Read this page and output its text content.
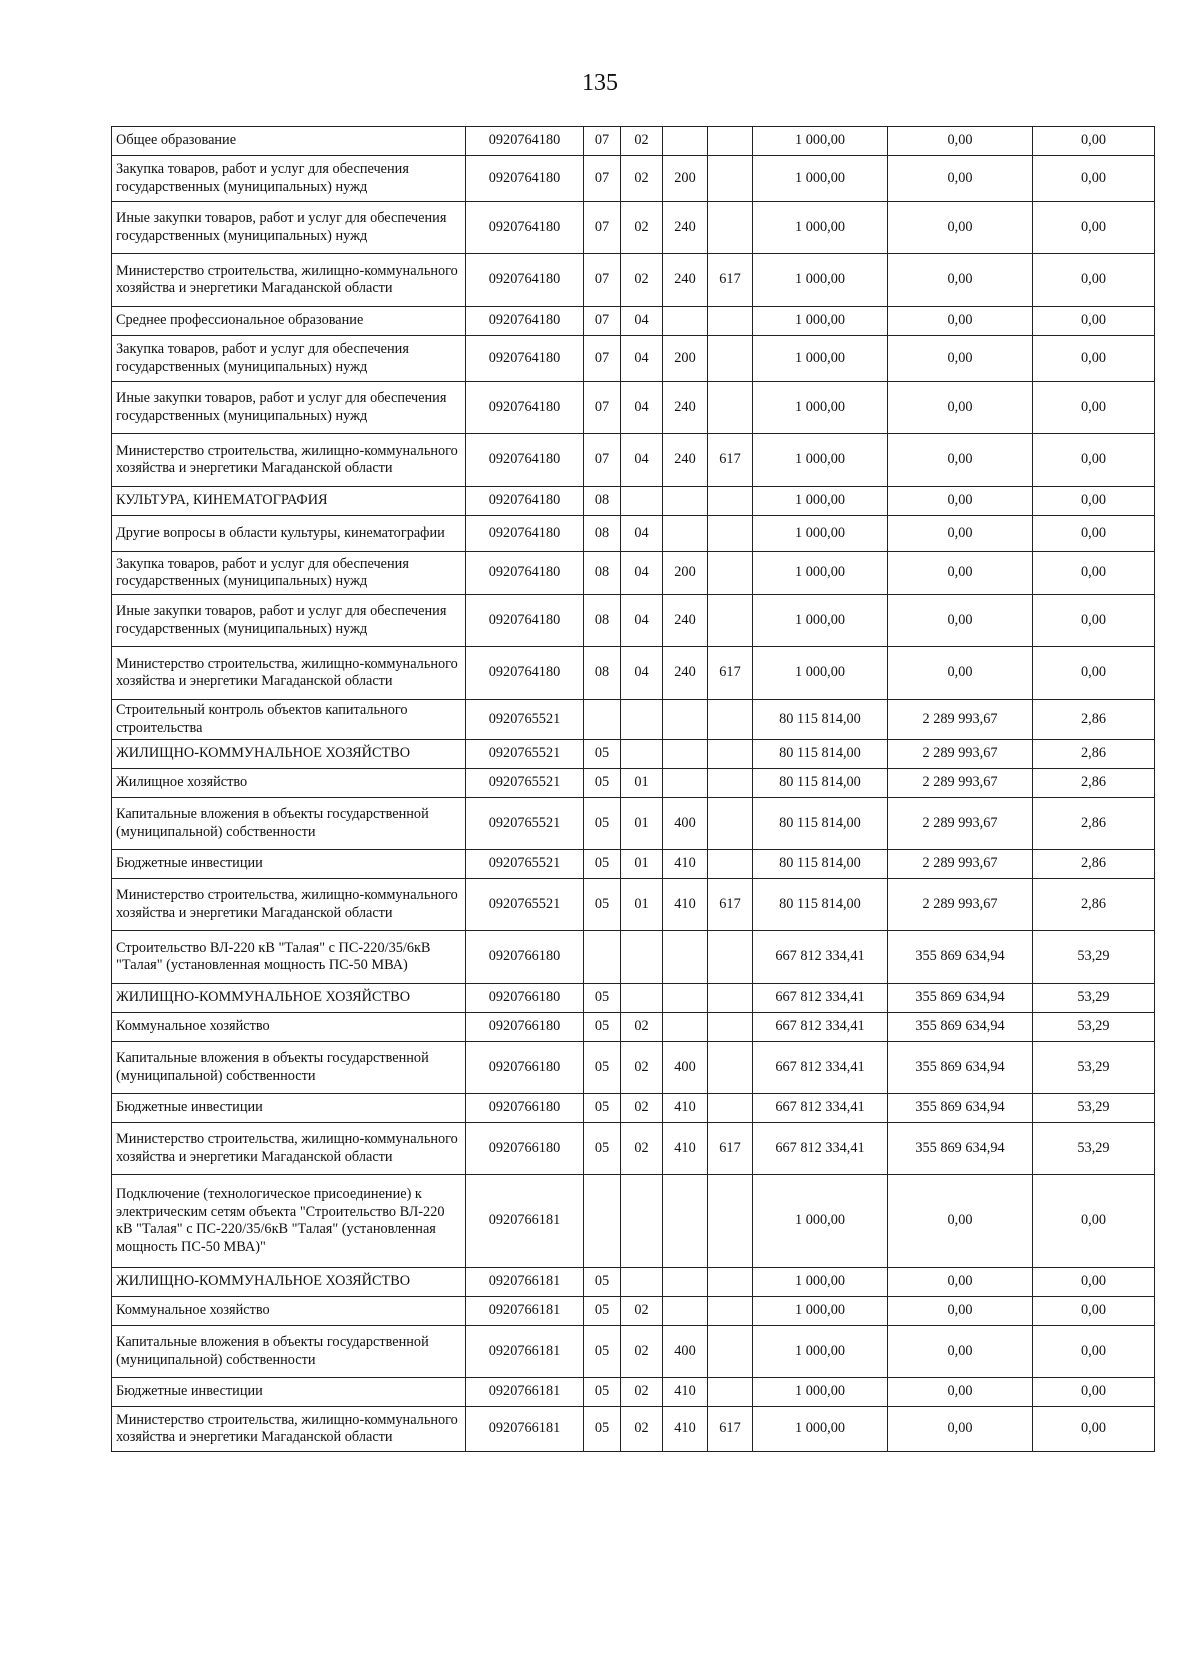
135
Общее образование	0920764180	07	02			1 000,00	0,00	0,00
Закупка товаров, работ и услуг для обеспечения государственных (муниципальных) нужд	0920764180	07	02	200		1 000,00	0,00	0,00
Иные закупки товаров, работ и услуг для обеспечения государственных (муниципальных) нужд	0920764180	07	02	240		1 000,00	0,00	0,00
Министерство строительства, жилищно-коммунального хозяйства и энергетики Магаданской области	0920764180	07	02	240	617	1 000,00	0,00	0,00
Среднее профессиональное образование	0920764180	07	04			1 000,00	0,00	0,00
Закупка товаров, работ и услуг для обеспечения государственных (муниципальных) нужд	0920764180	07	04	200		1 000,00	0,00	0,00
Иные закупки товаров, работ и услуг для обеспечения государственных (муниципальных) нужд	0920764180	07	04	240		1 000,00	0,00	0,00
Министерство строительства, жилищно-коммунального хозяйства и энергетики Магаданской области	0920764180	07	04	240	617	1 000,00	0,00	0,00
КУЛЬТУРА, КИНЕМАТОГРАФИЯ	0920764180	08				1 000,00	0,00	0,00
Другие вопросы в области культуры, кинематографии	0920764180	08	04			1 000,00	0,00	0,00
Закупка товаров, работ и услуг для обеспечения государственных (муниципальных) нужд	0920764180	08	04	200		1 000,00	0,00	0,00
Иные закупки товаров, работ и услуг для обеспечения государственных (муниципальных) нужд	0920764180	08	04	240		1 000,00	0,00	0,00
Министерство строительства, жилищно-коммунального хозяйства и энергетики Магаданской области	0920764180	08	04	240	617	1 000,00	0,00	0,00
Строительный контроль объектов капитального строительства	0920765521					80 115 814,00	2 289 993,67	2,86
ЖИЛИЩНО-КОММУНАЛЬНОЕ ХОЗЯЙСТВО	0920765521	05				80 115 814,00	2 289 993,67	2,86
Жилищное хозяйство	0920765521	05	01			80 115 814,00	2 289 993,67	2,86
Капитальные вложения в объекты государственной (муниципальной) собственности	0920765521	05	01	400		80 115 814,00	2 289 993,67	2,86
Бюджетные инвестиции	0920765521	05	01	410		80 115 814,00	2 289 993,67	2,86
Министерство строительства, жилищно-коммунального хозяйства и энергетики Магаданской области	0920765521	05	01	410	617	80 115 814,00	2 289 993,67	2,86
Строительство ВЛ-220 кВ "Талая" с ПС-220/35/6кВ "Талая" (установленная мощность ПС-50 МВА)	0920766180					667 812 334,41	355 869 634,94	53,29
ЖИЛИЩНО-КОММУНАЛЬНОЕ ХОЗЯЙСТВО	0920766180	05				667 812 334,41	355 869 634,94	53,29
Коммунальное хозяйство	0920766180	05	02			667 812 334,41	355 869 634,94	53,29
Капитальные вложения в объекты государственной (муниципальной) собственности	0920766180	05	02	400		667 812 334,41	355 869 634,94	53,29
Бюджетные инвестиции	0920766180	05	02	410		667 812 334,41	355 869 634,94	53,29
Министерство строительства, жилищно-коммунального хозяйства и энергетики Магаданской области	0920766180	05	02	410	617	667 812 334,41	355 869 634,94	53,29
Подключение (технологическое присоединение) к электрическим сетям объекта "Строительство ВЛ-220 кВ "Талая" с ПС-220/35/6кВ "Талая" (установленная мощность ПС-50 МВА)"	0920766181					1 000,00	0,00	0,00
ЖИЛИЩНО-КОММУНАЛЬНОЕ ХОЗЯЙСТВО	0920766181	05				1 000,00	0,00	0,00
Коммунальное хозяйство	0920766181	05	02			1 000,00	0,00	0,00
Капитальные вложения в объекты государственной (муниципальной) собственности	0920766181	05	02	400		1 000,00	0,00	0,00
Бюджетные инвестиции	0920766181	05	02	410		1 000,00	0,00	0,00
Министерство строительства, жилищно-коммунального хозяйства и энергетики Магаданской области	0920766181	05	02	410	617	1 000,00	0,00	0,00
